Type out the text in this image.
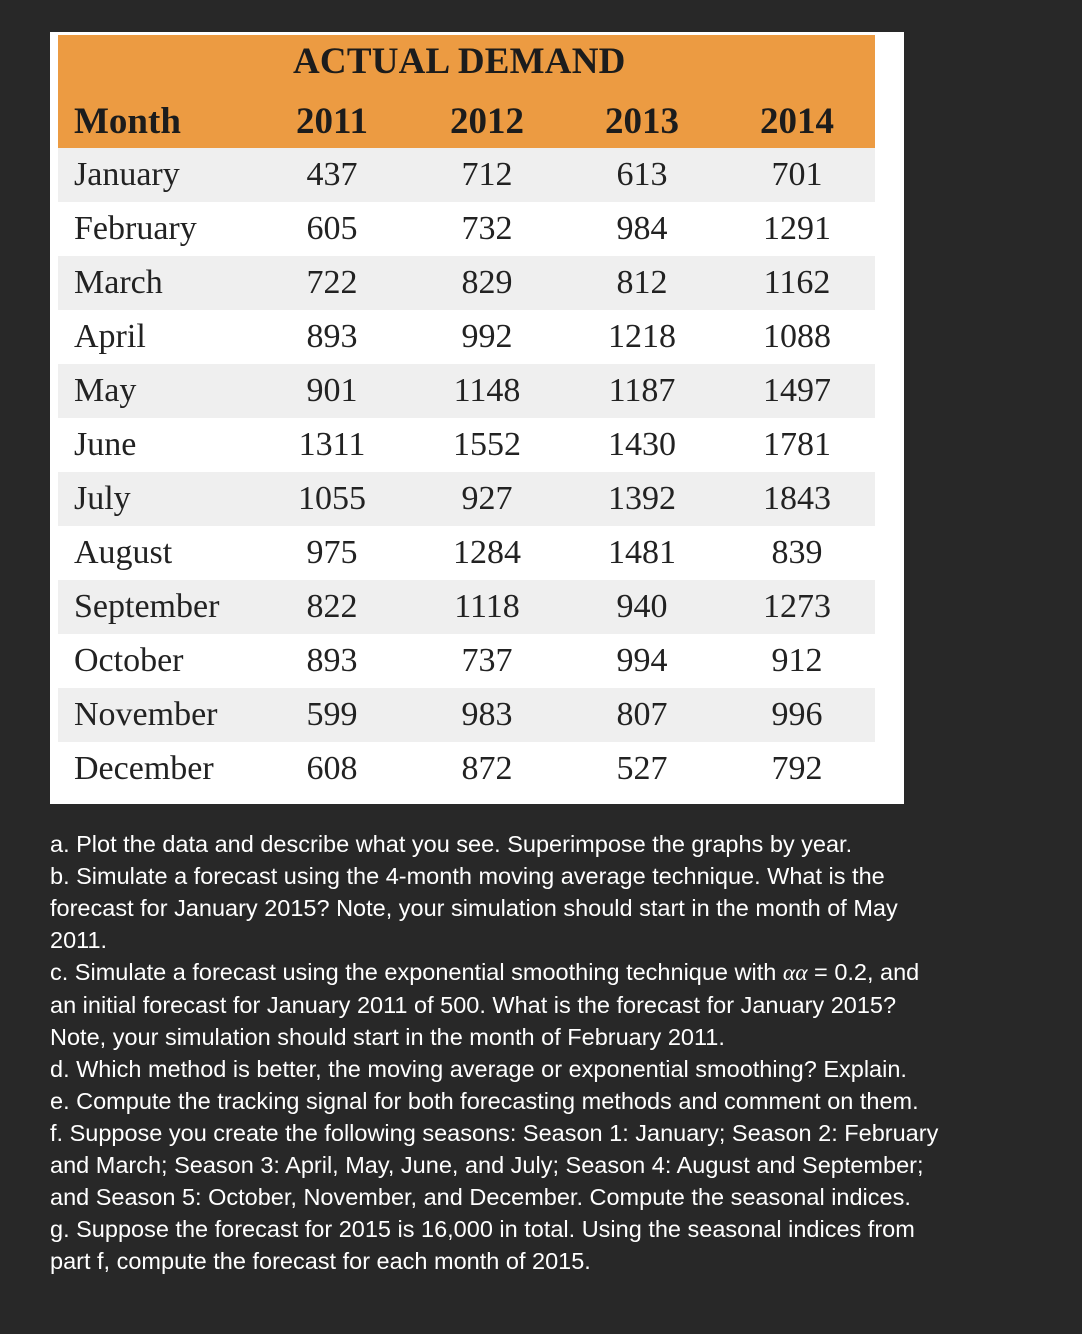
ACTUAL DEMAND
Month	2011	2012	2013	2014
January	437	712	613	701
February	605	732	984	1291
March	722	829	812	1162
April	893	992	1218	1088
May	901	1148	1187	1497
June	1311	1552	1430	1781
July	1055	927	1392	1843
August	975	1284	1481	839
September	822	1118	940	1273
October	893	737	994	912
November	599	983	807	996
December	608	872	527	792

a. Plot the data and describe what you see. Superimpose the graphs by year.

b. Simulate a forecast using the 4-month moving average technique. What is the forecast for January 2015? Note, your simulation should start in the month of May 2011.

c. Simulate a forecast using the exponential smoothing technique with αα = 0.2, and an initial forecast for January 2011 of 500. What is the forecast for January 2015? Note, your simulation should start in the month of February 2011.

d. Which method is better, the moving average or exponential smoothing? Explain.

e. Compute the tracking signal for both forecasting methods and comment on them.

f. Suppose you create the following seasons: Season 1: January; Season 2: February and March; Season 3: April, May, June, and July; Season 4: August and September; and Season 5: October, November, and December. Compute the seasonal indices.

g. Suppose the forecast for 2015 is 16,000 in total. Using the seasonal indices from part f, compute the forecast for each month of 2015.
